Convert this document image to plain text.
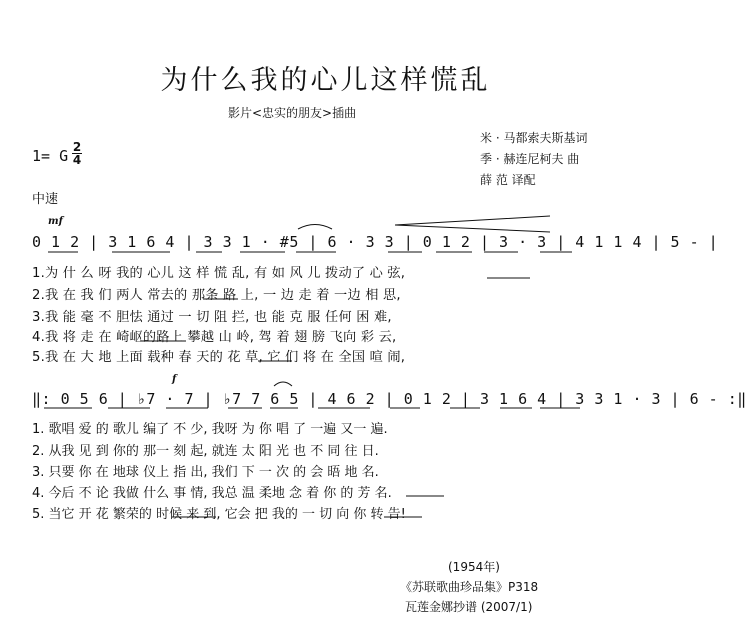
为什么我的心儿这样慌乱
影片<忠实的朋友>插曲
米 · 马都索夫斯基词
季 · 赫连尼柯夫 曲
薛 范 译配
1= G 2
4
中速
mf
0 1 2 | 3 1 6 4 | 3 3 1 · #5 | 6 · 3 3 | 0 1 2 | 3 · 3 | 4 1 1 4 | 5 - |
1.为 什 么 呀 我的 心儿 这 样 慌 乱, 有 如 风 儿 拨动了 心 弦,
2.我 在 我 们 两人 常去的 那条 路 上, 一 边 走 着 一边 相 思,
3.我 能 毫 不 胆怯 通过 一 切 阻 拦, 也 能 克 服 任何 困 难,
4.我 将 走 在 崎岖的路上 攀越 山 岭, 驾 着 翅 膀 飞向 彩 云,
5.我 在 大 地 上面 载种 春 天的 花 草, 它 们 将 在 全国 喧 闹,
f
‖: 0 5 6 | ♭7 · 7 | ♭7 7 6 5 | 4 6 2 | 0 1 2 | 3 1 6 4 | 3 3 1 · 3 | 6 - :‖
1. 歌唱 爱 的 歌儿 编了 不 少, 我呀 为 你 唱 了 一遍 又一 遍.
2. 从我 见 到 你的 那一 刻 起, 就连 太 阳 光 也 不 同 往 日.
3. 只要 你 在 地球 仪上 指 出, 我们 下 一 次 的 会 晤 地 名.
4. 今后 不 论 我做 什么 事 情, 我总 温 柔地 念 着 你 的 芳 名.
5. 当它 开 花 繁荣的 时候 来 到, 它会 把 我的 一 切 向 你 转 告!
(1954年)
《苏联歌曲珍品集》P318
瓦莲金娜抄谱 (2007/1)
